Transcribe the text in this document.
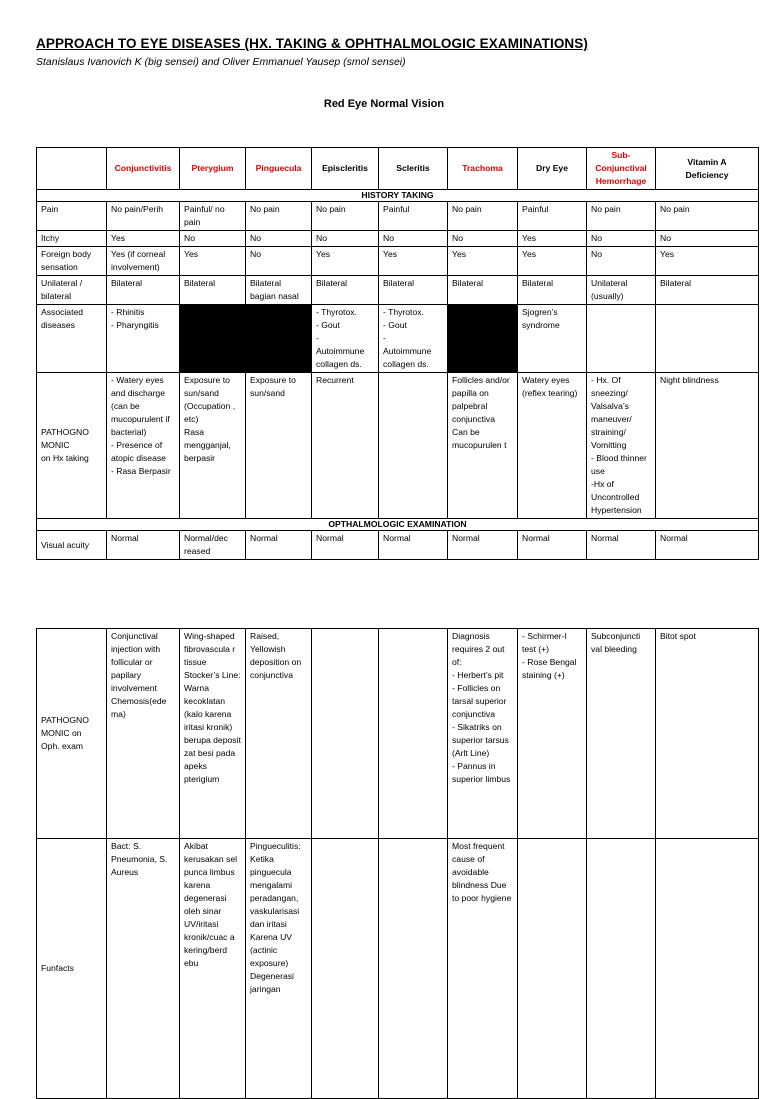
APPROACH TO EYE DISEASES (HX. TAKING & OPHTHALMOLOGIC EXAMINATIONS)
Stanislaus Ivanovich K (big sensei) and Oliver Emmanuel Yausep (smol sensei)
Red Eye Normal Vision
	Conjunctivitis	Pterygium	Pinguecula	Episcleritis	Scleritis	Trachoma	Dry Eye	Sub-
Conjunctival
Hemorrhage	Vitamin A
Deficiency
HISTORY TAKING									
Pain	No pain/Perih	Painful/ no pain	No pain	No pain	Painful	No pain	Painful	No pain	No pain
Itchy	Yes	No	No	No	No	No	Yes	No	No
Foreign body sensation	Yes (if corneal involvement)	Yes	No	Yes	Yes	Yes	Yes	No	Yes
Unilateral / bilateral	Bilateral	Bilateral	Bilateral bagian nasal	Bilateral	Bilateral	Bilateral	Bilateral	Unilateral (usually)	Bilateral
Associated diseases	- Rhinitis
- Pharyngitis			- Thyrotox.
- Gout
-
Autoimmune collagen ds.	- Thyrotox.
- Gout
-
Autoimmune collagen ds.		Sjogren’s syndrome		
PATHOGNO MONIC
on Hx taking	- Watery eyes and discharge (can be mucopurulent if bacterial)
- Presence of atopic disease
- Rasa Berpasir	Exposure to sun/sand (Occupation , etc)
Rasa mengganjal, berpasir	Exposure to sun/sand	Recurrent		Follicles and/or papilla on palpebral conjunctiva
Can be mucopurulen t	Watery eyes (reflex tearing)	- Hx. Of sneezing/ Valsalva’s maneuver/ straining/ Vomitting
- Blood thinner use
-Hx of Uncontrolled Hypertension	Night blindness
OPTHALMOLOGIC EXAMINATION									
Visual acuity	Normal	Normal/dec reased	Normal	Normal	Normal	Normal	Normal	Normal	Normal
PATHOGNO MONIC on
Oph. exam	Conjunctival injection with follicular or papilary involvement Chemosis(ede ma)	Wing-shaped fibrovascula r tissue
Stocker’s Line: Warna kecoklatan (kalo karena iritasi kronik) berupa deposit zat besi pada apeks pterigium	Raised, Yellowish deposition on conjunctiva			Diagnosis requires 2 out of:
- Herbert’s pit
- Follicles on tarsal superior conjunctiva
- Sikatriks on superior tarsus (Arlt Line)
- Pannus in superior limbus	- Schirmer-I test (+)
- Rose Bengal staining (+)	Subconjuncti val bleeding	Bitot spot
Funfacts	Bact: S. Pneumonia, S. Aureus	Akibat kerusakan sel punca limbus karena degenerasi oleh sinar UV/iritasi kronik/cuac a kering/berd ebu	Pingueculitis: Ketika pinguecula mengalami peradangan, vaskularisasi dan iritasi
Karena UV (actinic exposure)
Degenerasi jaringan			Most frequent cause of avoidable blindness Due to poor hygiene			
